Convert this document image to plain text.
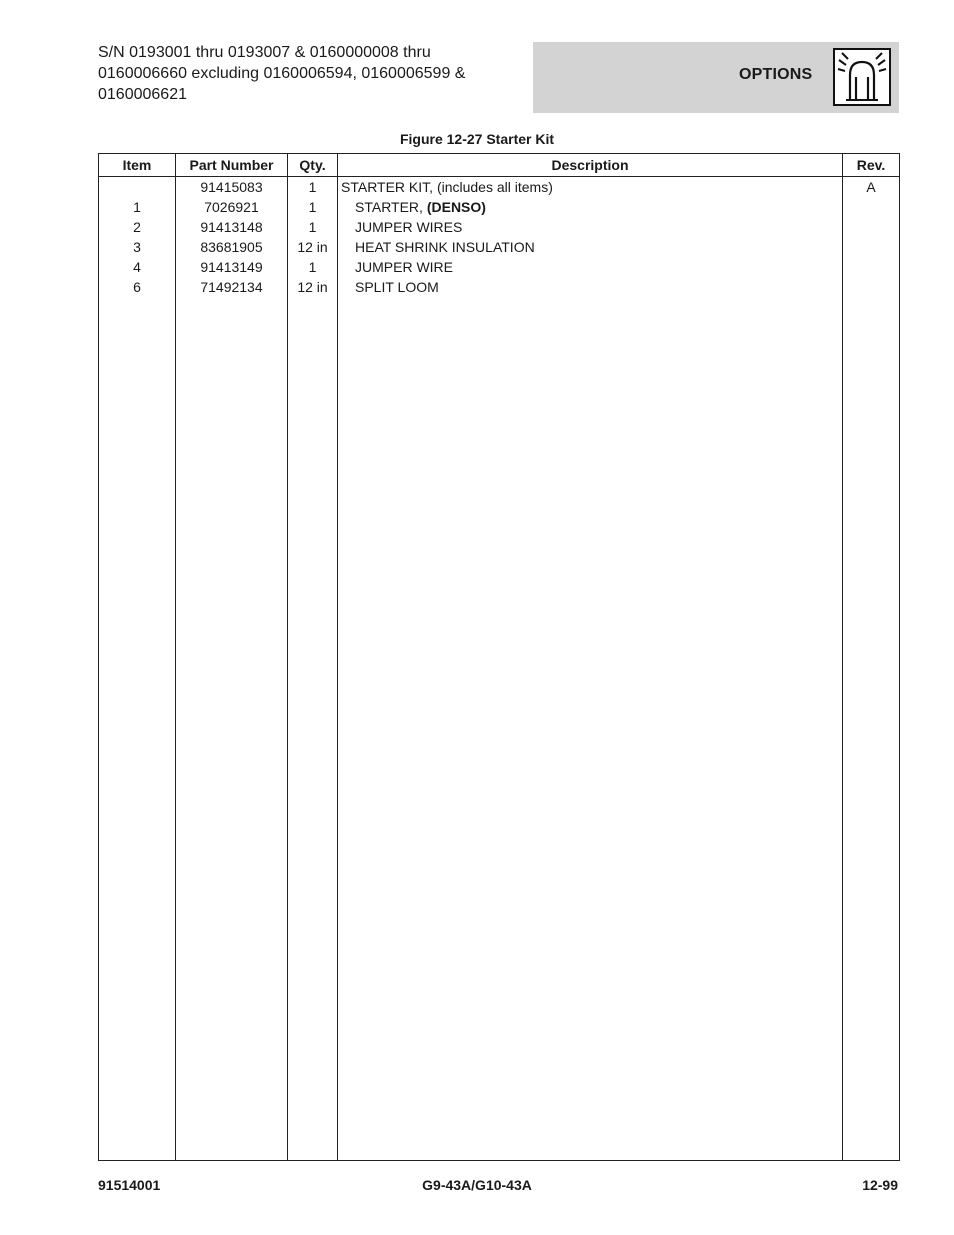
S/N 0193001 thru 0193007 & 0160000008 thru
0160006660 excluding 0160006594, 0160006599 &
0160006621
OPTIONS
Figure 12-27 Starter Kit
Item	Part Number	Qty.	Description	Rev.
	91415083	1	STARTER KIT, (includes all items)	A
1	7026921	1	STARTER, (DENSO)	
2	91413148	1	JUMPER WIRES	
3	83681905	12 in	HEAT SHRINK INSULATION	
4	91413149	1	JUMPER WIRE	
6	71492134	12 in	SPLIT LOOM	

91514001	G9-43A/G10-43A	12-99
